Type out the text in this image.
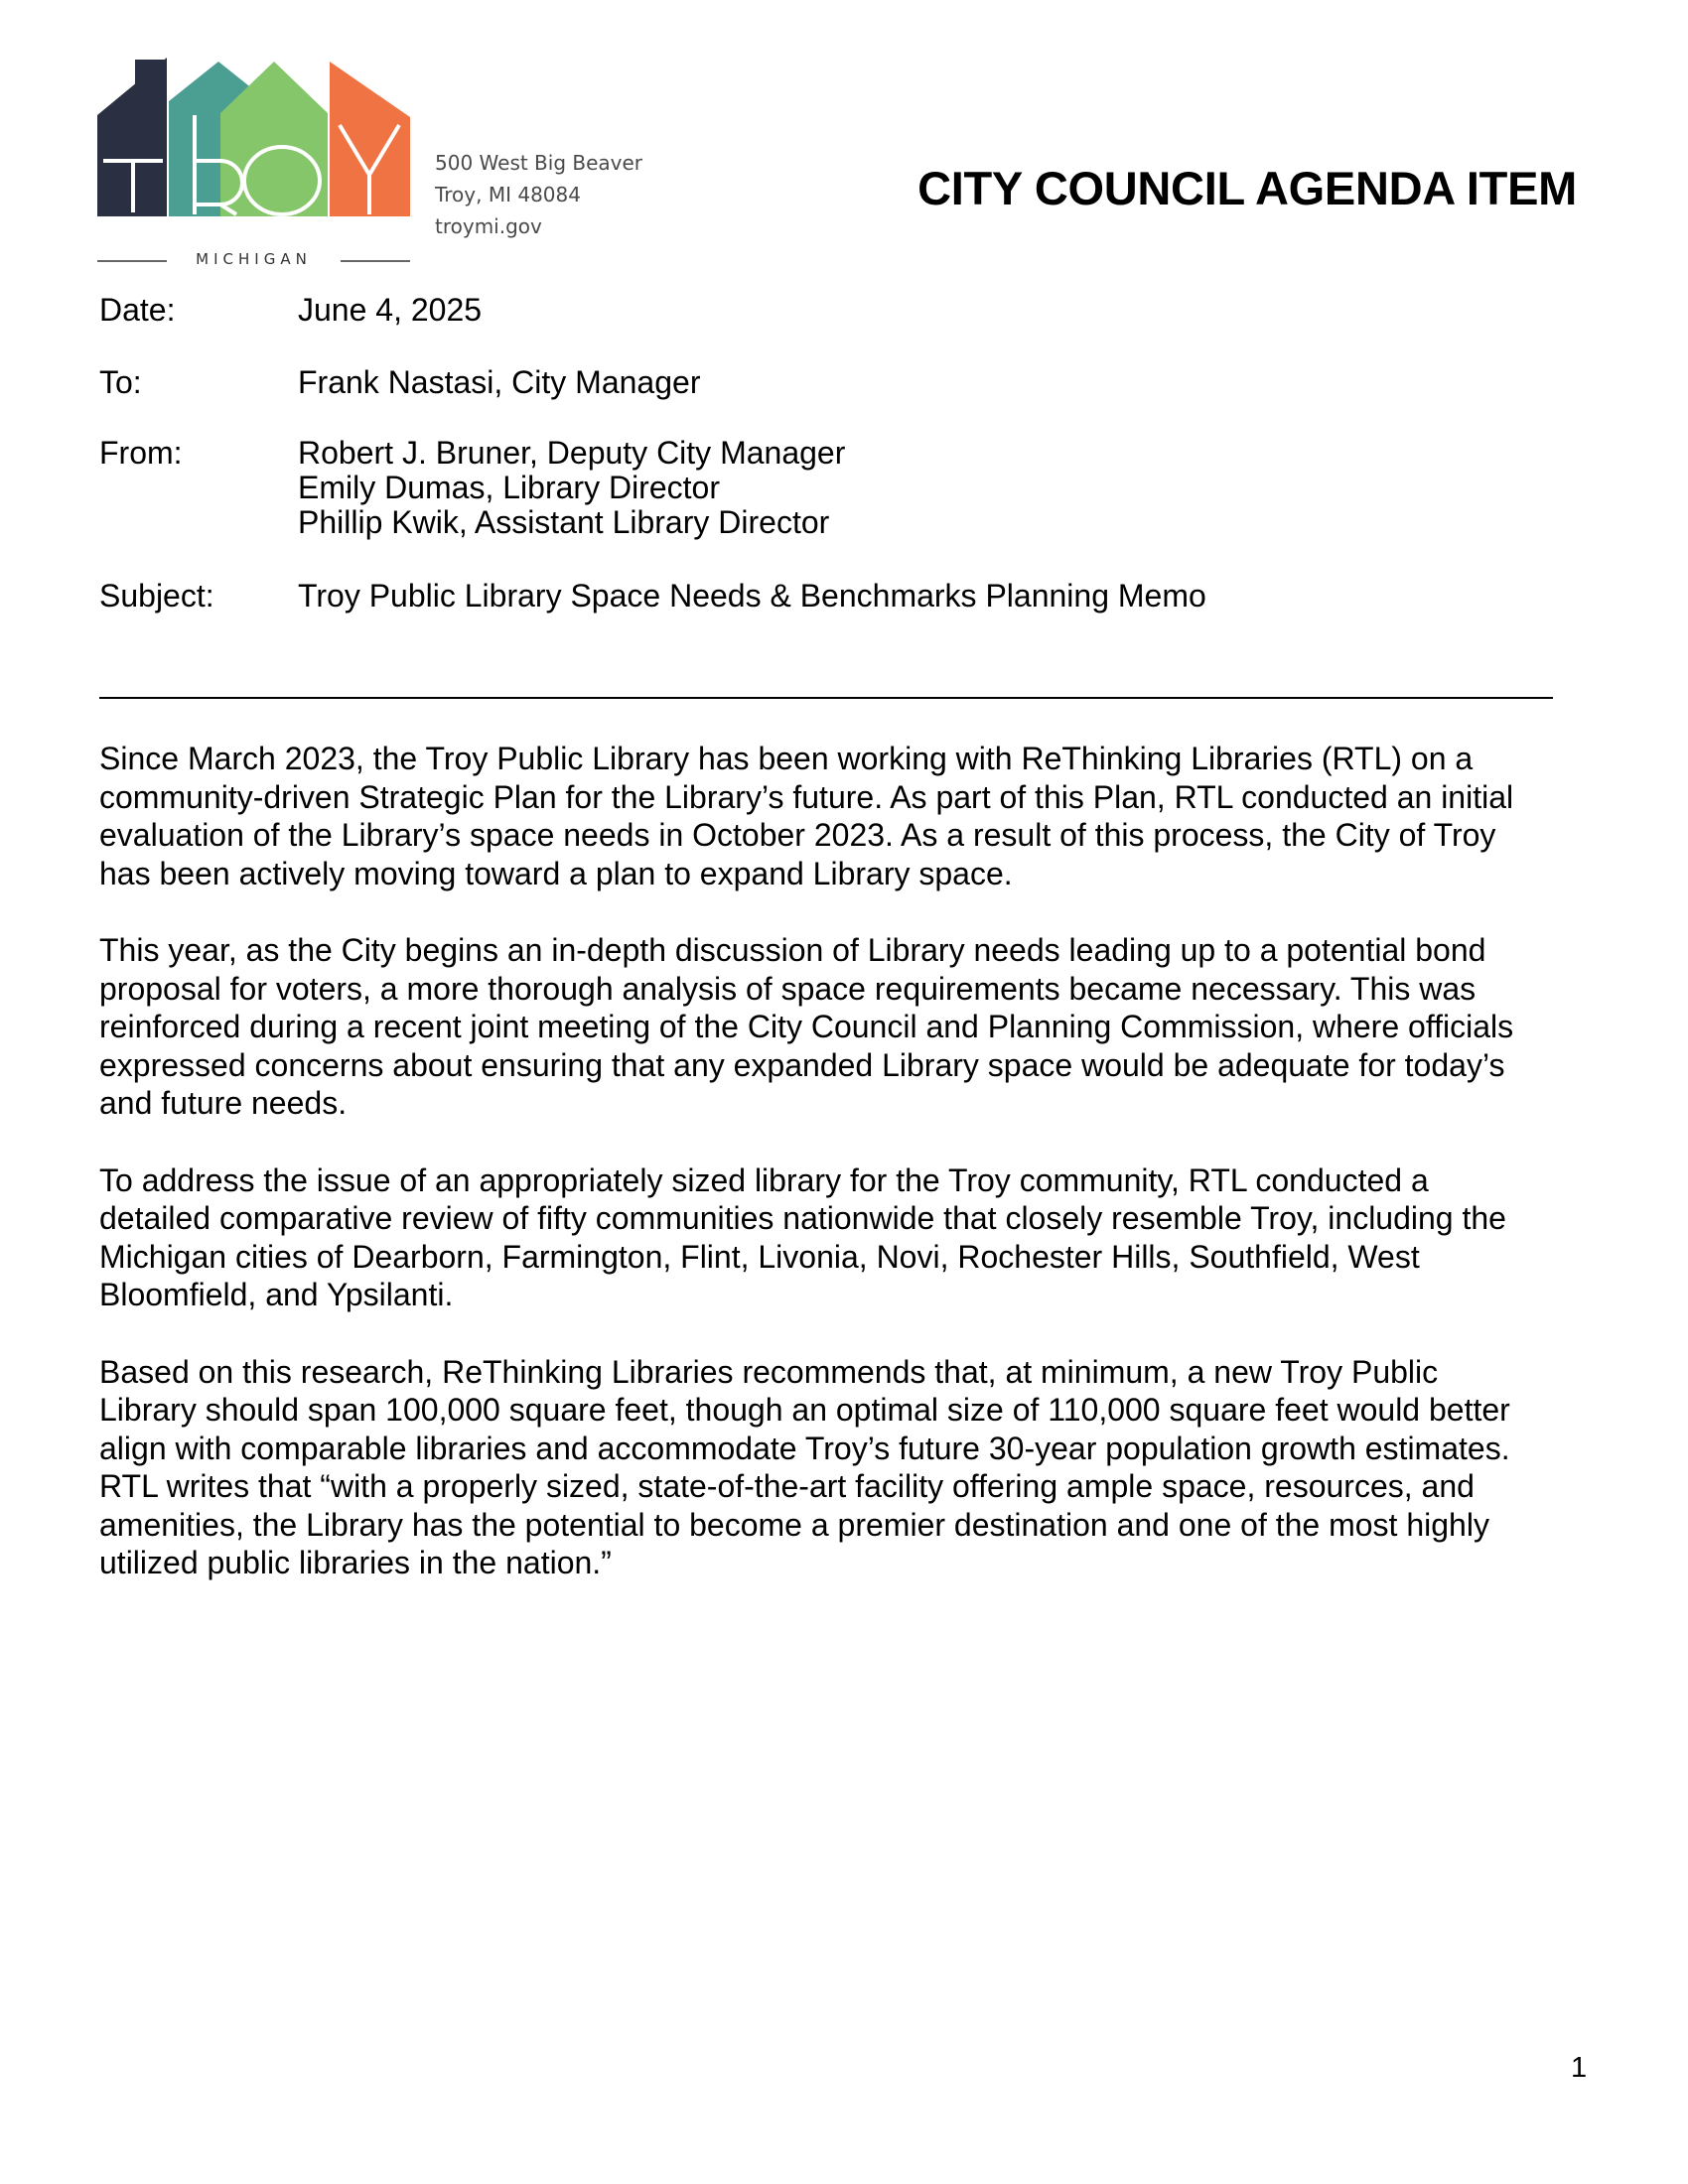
MICHIGAN
500 West Big Beaver
Troy, MI 48084
troymi.gov
CITY COUNCIL AGENDA ITEM
Date:	June 4, 2025
To:	Frank Nastasi, City Manager
From:	Robert J. Bruner, Deputy City Manager
Emily Dumas, Library Director
Phillip Kwik, Assistant Library Director
Subject:	Troy Public Library Space Needs & Benchmarks Planning Memo

Since March 2023, the Troy Public Library has been working with ReThinking Libraries (RTL) on a
community-driven Strategic Plan for the Library’s future. As part of this Plan, RTL conducted an initial
evaluation of the Library’s space needs in October 2023. As a result of this process, the City of Troy
has been actively moving toward a plan to expand Library space.

This year, as the City begins an in-depth discussion of Library needs leading up to a potential bond
proposal for voters, a more thorough analysis of space requirements became necessary. This was
reinforced during a recent joint meeting of the City Council and Planning Commission, where officials
expressed concerns about ensuring that any expanded Library space would be adequate for today’s
and future needs.

To address the issue of an appropriately sized library for the Troy community, RTL conducted a
detailed comparative review of fifty communities nationwide that closely resemble Troy, including the
Michigan cities of Dearborn, Farmington, Flint, Livonia, Novi, Rochester Hills, Southfield, West
Bloomfield, and Ypsilanti.

Based on this research, ReThinking Libraries recommends that, at minimum, a new Troy Public
Library should span 100,000 square feet, though an optimal size of 110,000 square feet would better
align with comparable libraries and accommodate Troy’s future 30-year population growth estimates.
RTL writes that “with a properly sized, state-of-the-art facility offering ample space, resources, and
amenities, the Library has the potential to become a premier destination and one of the most highly
utilized public libraries in the nation.”

1
